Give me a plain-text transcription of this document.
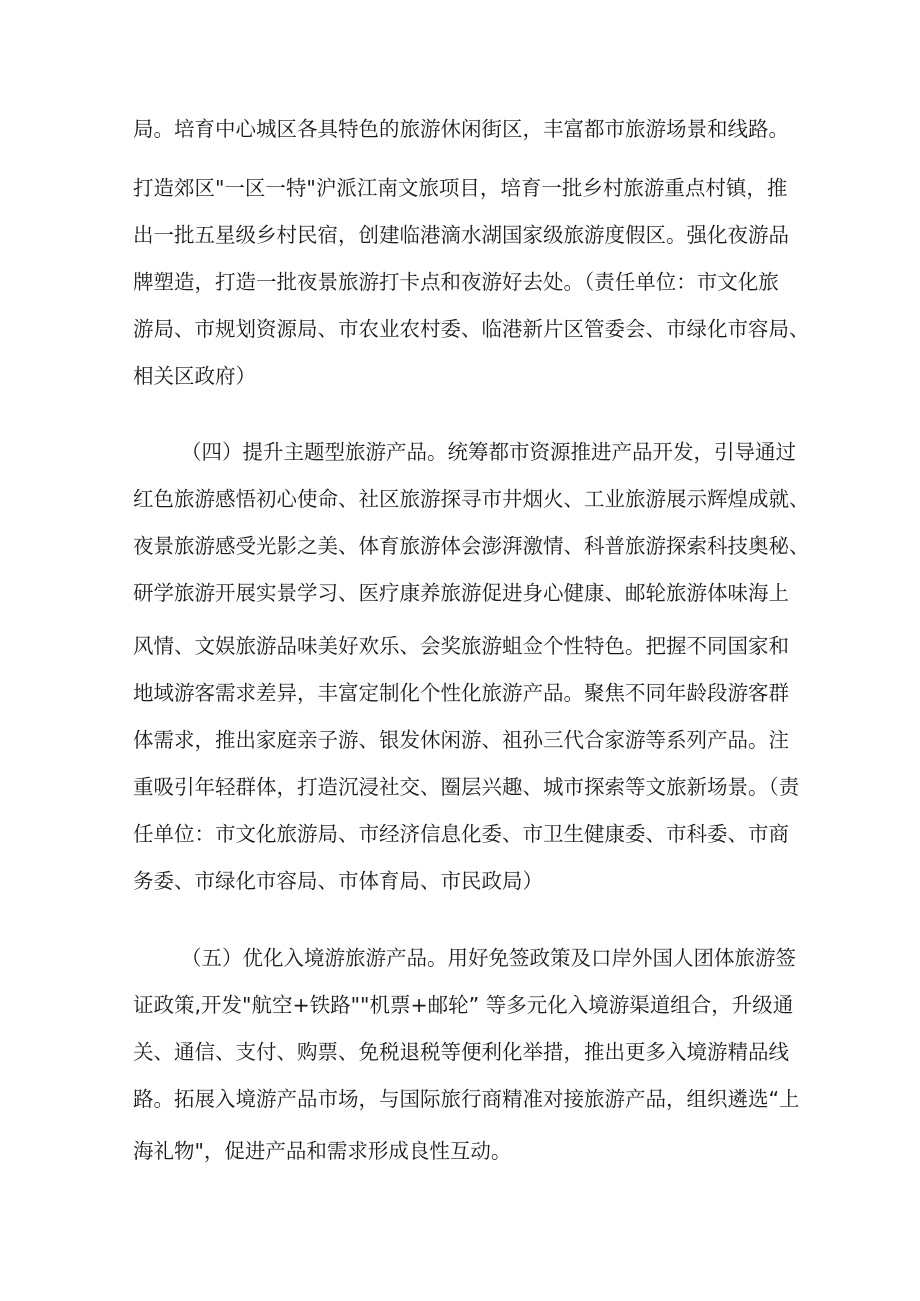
局。培育中心城区各具特色的旅游休闲街区，丰富都市旅游场景和线路。
打造郊区"一区一特"沪派江南文旅项目，培育一批乡村旅游重点村镇，推
出一批五星级乡村民宿，创建临港滴水湖国家级旅游度假区。强化夜游品
牌塑造，打造一批夜景旅游打卡点和夜游好去处。（责任单位：市文化旅
游局、市规划资源局、市农业农村委、临港新片区管委会、市绿化市容局、
相关区政府）
（四）提升主题型旅游产品。统筹都市资源推进产品开发，引导通过
红色旅游感悟初心使命、社区旅游探寻市井烟火、工业旅游展示辉煌成就、
夜景旅游感受光影之美、体育旅游体会澎湃激情、科普旅游探索科技奥秘、
研学旅游开展实景学习、医疗康养旅游促进身心健康、邮轮旅游体味海上
风情、文娱旅游品味美好欢乐、会奖旅游蛆佥个性特色。把握不同国家和
地域游客需求差异，丰富定制化个性化旅游产品。聚焦不同年龄段游客群
体需求，推出家庭亲子游、银发休闲游、祖孙三代合家游等系列产品。注
重吸引年轻群体，打造沉浸社交、圈层兴趣、城市探索等文旅新场景。（责
任单位：市文化旅游局、市经济信息化委、市卫生健康委、市科委、市商
务委、市绿化市容局、市体育局、市民政局）
（五）优化入境游旅游产品。用好免签政策及口岸外国人团体旅游签
证政策,开发"航空+铁路""机票+邮轮” 等多元化入境游渠道组合，升级通
关、通信、支付、购票、免税退税等便利化举措，推出更多入境游精品线
路。拓展入境游产品市场，与国际旅行商精准对接旅游产品，组织遴选“上
海礼物"，促进产品和需求形成良性互动。
